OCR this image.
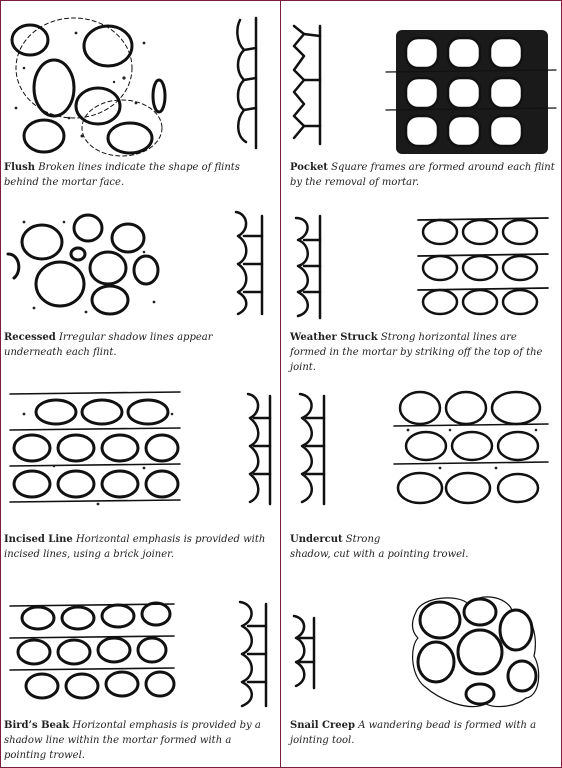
Flush Broken lines indicate the shape of flints behind the mortar face.
Pocket Square frames are formed around each flint by the removal of mortar.
Recessed Irregular shadow lines appear underneath each flint.
Weather Struck Strong horizontal lines are formed in the mortar by striking off the top of the joint.
Incised Line Horizontal emphasis is provided with incised lines, using a brick joiner.
Undercut Strong
shadow, cut with a pointing trowel.
Bird’s Beak Horizontal emphasis is provided by a shadow line within the mortar formed with a pointing trowel.
Snail Creep A wandering bead is formed with a jointing tool.
